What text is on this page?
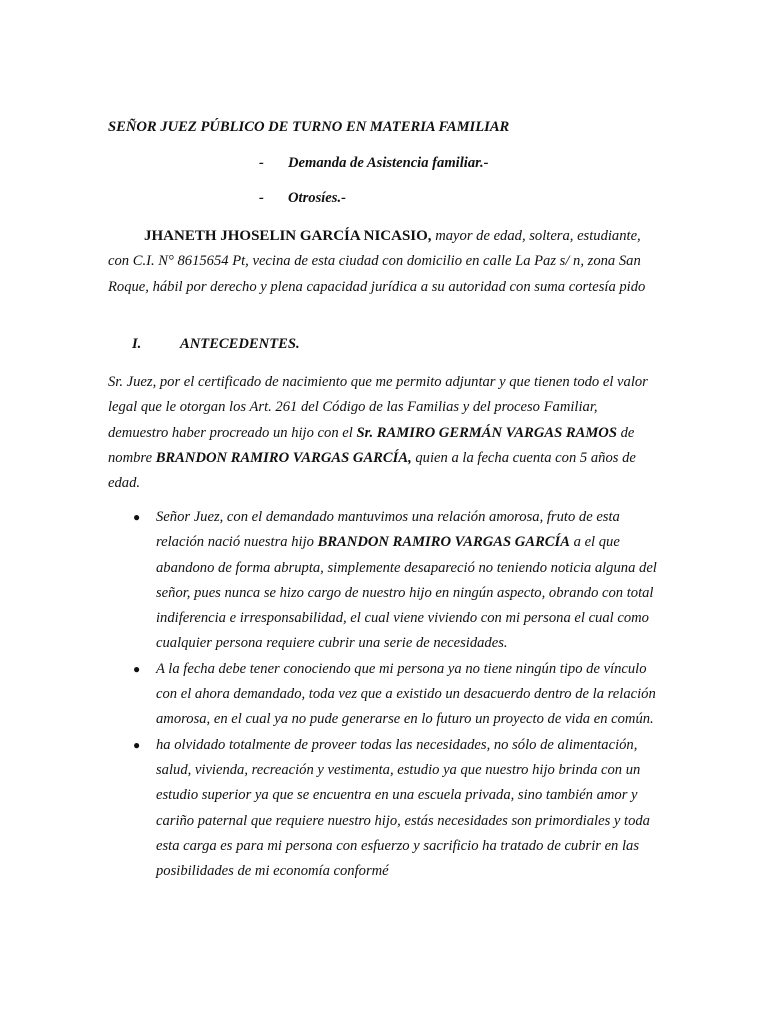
SEÑOR JUEZ PÚBLICO DE TURNO EN MATERIA FAMILIAR
- Demanda de Asistencia familiar.-
- Otrosíes.-
JHANETH JHOSELIN GARCÍA NICASIO, mayor de edad, soltera, estudiante, con C.I. N° 8615654 Pt, vecina de esta ciudad con domicilio en calle La Paz s/ n, zona San Roque, hábil por derecho y plena capacidad jurídica a su autoridad con suma cortesía pido
I.	ANTECEDENTES.
Sr. Juez, por el certificado de nacimiento que me permito adjuntar y que tienen todo el valor legal que le otorgan los Art. 261 del Código de las Familias y del proceso Familiar, demuestro haber procreado un hijo con el Sr. RAMIRO GERMÁN VARGAS RAMOS de nombre BRANDON RAMIRO VARGAS GARCÍA, quien a la fecha cuenta con 5 años de edad.
● Señor Juez, con el demandado mantuvimos una relación amorosa, fruto de esta relación nació nuestra hijo BRANDON RAMIRO VARGAS GARCÍA a el que abandono de forma abrupta, simplemente desapareció no teniendo noticia alguna del señor, pues nunca se hizo cargo de nuestro hijo en ningún aspecto, obrando con total indiferencia e irresponsabilidad, el cual viene viviendo con mi persona el cual como cualquier persona requiere cubrir una serie de necesidades.
● A la fecha debe tener conociendo que mi persona ya no tiene ningún tipo de vínculo con el ahora demandado, toda vez que a existido un desacuerdo dentro de la relación amorosa, en el cual ya no pude generarse en lo futuro un proyecto de vida en común.
● ha olvidado totalmente de proveer todas las necesidades, no sólo de alimentación, salud, vivienda, recreación y vestimenta, estudio ya que nuestro hijo brinda con un estudio superior ya que se encuentra en una escuela privada, sino también amor y cariño paternal que requiere nuestro hijo, estás necesidades son primordiales y toda esta carga es para mi persona con esfuerzo y sacrificio ha tratado de cubrir en las posibilidades de mi economía conformé
